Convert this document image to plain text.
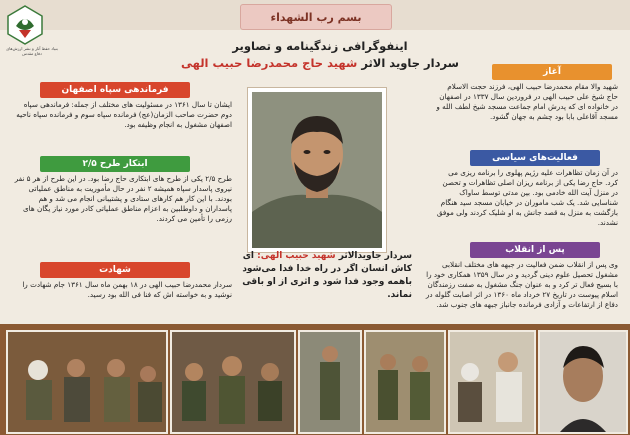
بسم رب الشهداء
بنیاد حفظ آثار و نشر ارزش‌های دفاع مقدس
اینفوگرافی زندگینامه و تصاویر
سردار جاوید الاثر شهید حاج محمدرضا حبیب الهی
سردار جاویدالاثر شهید حبیب الهی: ای کاش انسان اگر در راه خدا فدا می‌شود باهمه وجود فدا شود و اثری از او باقی نماند.
آغاز
شهید والا مقام محمدرضا حبیب الهی، فرزند حجت الاسلام حاج شیخ علی حبیب الهی در فروردین سال ۱۳۳۷ در اصفهان در خانواده ای که پدرش امام جماعت مسجد شیخ لطف الله و مسجد آقاعلی بابا بود چشم به جهان گشود.
فعالیت‌های سیاسی
در آن زمان تظاهرات علیه رژیم پهلوی را برنامه ریزی می کرد. حاج رضا یکی از برنامه ریزان اصلی تظاهرات و تحصن در منزل آیت الله خادمی بود. بین مدتی توسط ساواک شناسایی شد. یک شب ماموران در خیابان مسجد سید هنگام بازگشت به منزل به قصد جانش به او شلیک کردند ولی موفق نشدند.
پس از انقلاب
وی پس از انقلاب ضمن فعالیت در جبهه های مختلف انقلابی مشغول تحصیل علوم دینی گردید و در سال ۱۳۵۹ همکاری خود را با بسیج فعال تر کرد و به عنوان جنگ مشغول به صفت رزمندگان اسلام پیوست در تاریخ ۲۷ خرداد ماه ۱۳۶۰ در اثر اصابت گلوله در دفاع از ارتفاعات و آزادی فرمانده جانباز جبهه های جنوب شد.
فرماندهی سپاه اصفهان
ایشان تا سال ۱۳۶۱ در مسئولیت های مختلف از جمله: فرماندهی سپاه دوم حضرت صاحب الزمان(عج) فرمانده سپاه سوم و فرمانده سپاه ناحیه اصفهان مشغول به انجام وظیفه بود.
ابتکار طرح ۲/۵
طرح ۲/۵ یکی از طرح های ابتکاری حاج رضا بود. در این طرح از هر ۵ نفر نیروی پاسدار سپاه همیشه ۲ نفر در حال مأموریت به مناطق عملیاتی بودند. با این کار هم کارهای ستادی و پشتیبانی انجام می شد و هم پاسداران و داوطلبین به اعزام مناطق عملیاتی کادر مورد نیاز یگان های رزمی را تأمین می کردند.
شهادت
سردار محمدرضا حبیب الهی در ۱۸ بهمن ماه سال ۱۳۶۱ جام شهادت را نوشید و به خواسته اش که فنا فی الله بود رسید.
